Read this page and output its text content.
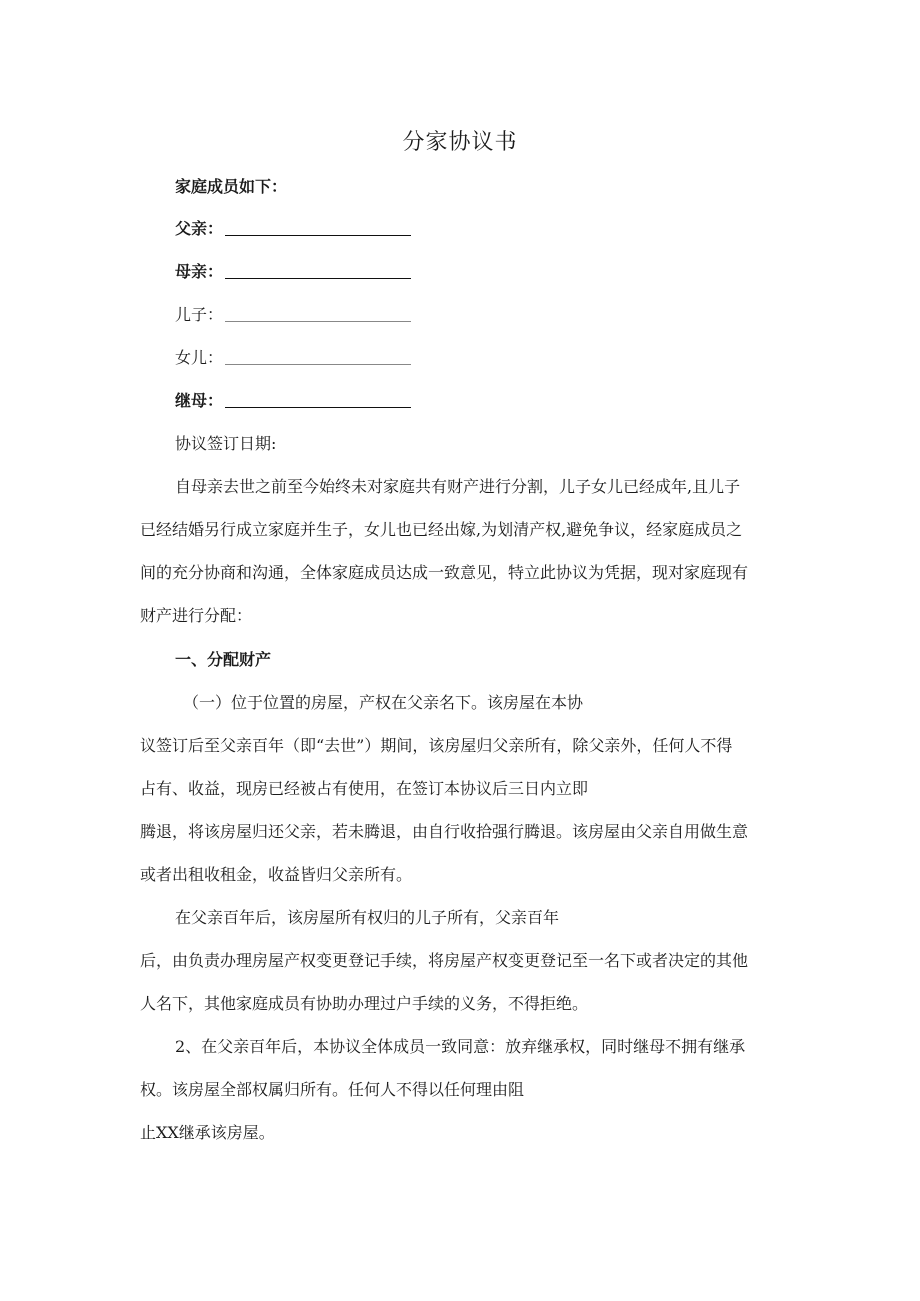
分家协议书
家庭成员如下：
父亲：
母亲：
儿子：
女儿：
继母：
协议签订日期:
自母亲去世之前至今始终未对家庭共有财产进行分割，儿子女儿已经成年,且儿子
已经结婚另行成立家庭并生子，女儿也已经出嫁,为划清产权,避免争议，经家庭成员之
间的充分协商和沟通，全体家庭成员达成一致意见，特立此协议为凭据，现对家庭现有
财产进行分配：
一、分配财产
（一）位于位置的房屋，产权在父亲名下。该房屋在本协
议签订后至父亲百年（即“去世”）期间，该房屋归父亲所有，除父亲外，任何人不得
占有、收益，现房已经被占有使用，在签订本协议后三日内立即
腾退，将该房屋归还父亲，若未腾退，由自行收拾强行腾退。该房屋由父亲自用做生意
或者出租收租金，收益皆归父亲所有。
在父亲百年后，该房屋所有权归的儿子所有，父亲百年
后，由负责办理房屋产权变更登记手续，将房屋产权变更登记至一名下或者决定的其他
人名下，其他家庭成员有协助办理过户手续的义务，不得拒绝。
2、在父亲百年后，本协议全体成员一致同意：放弃继承权，同时继母不拥有继承
权。该房屋全部权属归所有。任何人不得以任何理由阻
止XX继承该房屋。
